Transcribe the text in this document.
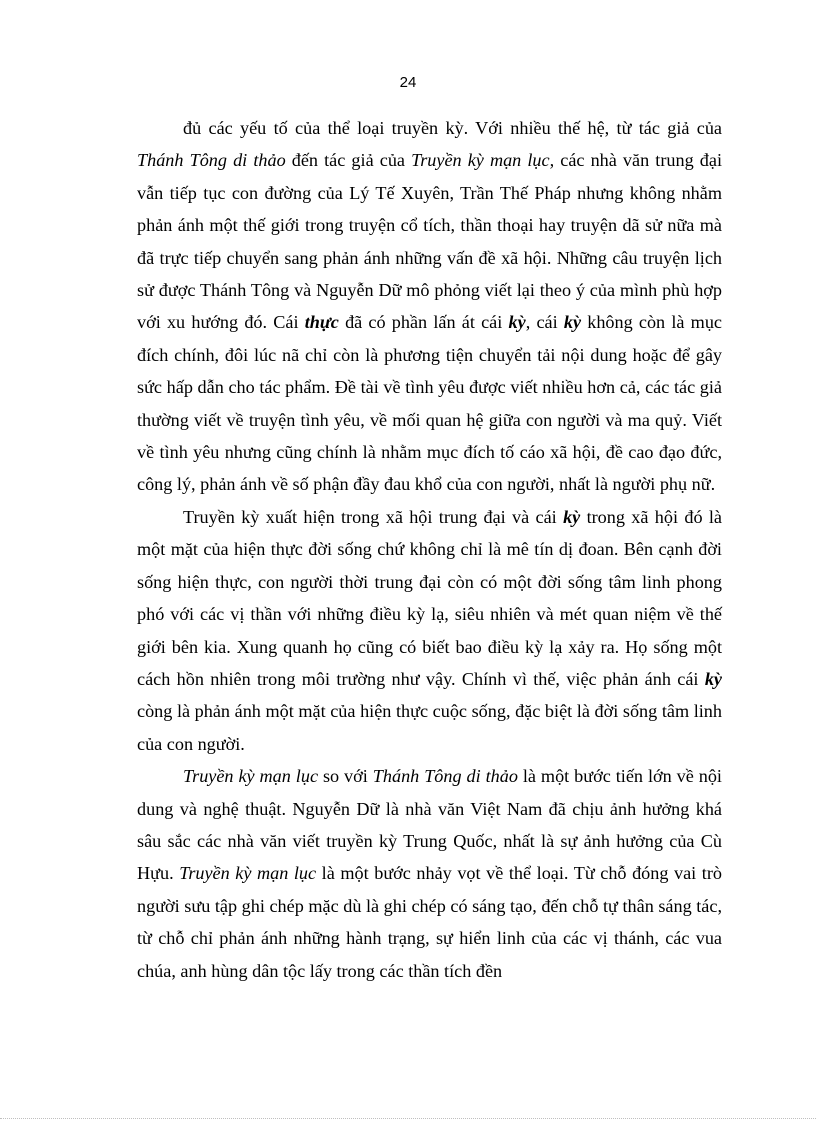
24

đủ các yếu tố của thể loại truyền kỳ. Với nhiều thế hệ, từ tác giả của Thánh Tông di thảo đến tác giả của Truyền kỳ mạn lục, các nhà văn trung đại vẫn tiếp tục con đường của Lý Tế Xuyên, Trần Thế Pháp nhưng không nhằm phản ánh một thế giới trong truyện cổ tích, thần thoại hay truyện dã sử nữa mà đã trực tiếp chuyển sang phản ánh những vấn đề xã hội. Những câu truyện lịch sử được Thánh Tông và Nguyễn Dữ mô phỏng viết lại theo ý của mình phù hợp với xu hướng đó. Cái thực đã có phần lấn át cái kỳ, cái kỳ không còn là mục đích chính, đôi lúc nã chỉ còn là phương tiện chuyển tải nội dung hoặc để gây sức hấp dẫn cho tác phẩm. Đề tài về tình yêu được viết nhiều hơn cả, các tác giả thường viết về truyện tình yêu, về mối quan hệ giữa con người và ma quỷ. Viết về tình yêu nhưng cũng chính là nhằm mục đích tố cáo xã hội, đề cao đạo đức, công lý, phản ánh về số phận đầy đau khổ của con người, nhất là người phụ nữ.

Truyền kỳ xuất hiện trong xã hội trung đại và cái kỳ trong xã hội đó là một mặt của hiện thực đời sống chứ không chỉ là mê tín dị đoan. Bên cạnh đời sống hiện thực, con người thời trung đại còn có một đời sống tâm linh phong phó với các vị thần với những điều kỳ lạ, siêu nhiên và mét quan niệm về thế giới bên kia. Xung quanh họ cũng có biết bao điều kỳ lạ xảy ra. Họ sống một cách hồn nhiên trong môi trường như vậy. Chính vì thế, việc phản ánh cái kỳ còng là phản ánh một mặt của hiện thực cuộc sống, đặc biệt là đời sống tâm linh của con người.

Truyền kỳ mạn lục so với Thánh Tông di thảo là một bước tiến lớn về nội dung và nghệ thuật. Nguyễn Dữ là nhà văn Việt Nam đã chịu ảnh hưởng khá sâu sắc các nhà văn viết truyền kỳ Trung Quốc, nhất là sự ảnh hưởng của Cù Hựu. Truyền kỳ mạn lục là một bước nhảy vọt về thể loại. Từ chỗ đóng vai trò người sưu tập ghi chép mặc dù là ghi chép có sáng tạo, đến chỗ tự thân sáng tác, từ chỗ chỉ phản ánh những hành trạng, sự hiển linh của các vị thánh, các vua chúa, anh hùng dân tộc lấy trong các thần tích đền
